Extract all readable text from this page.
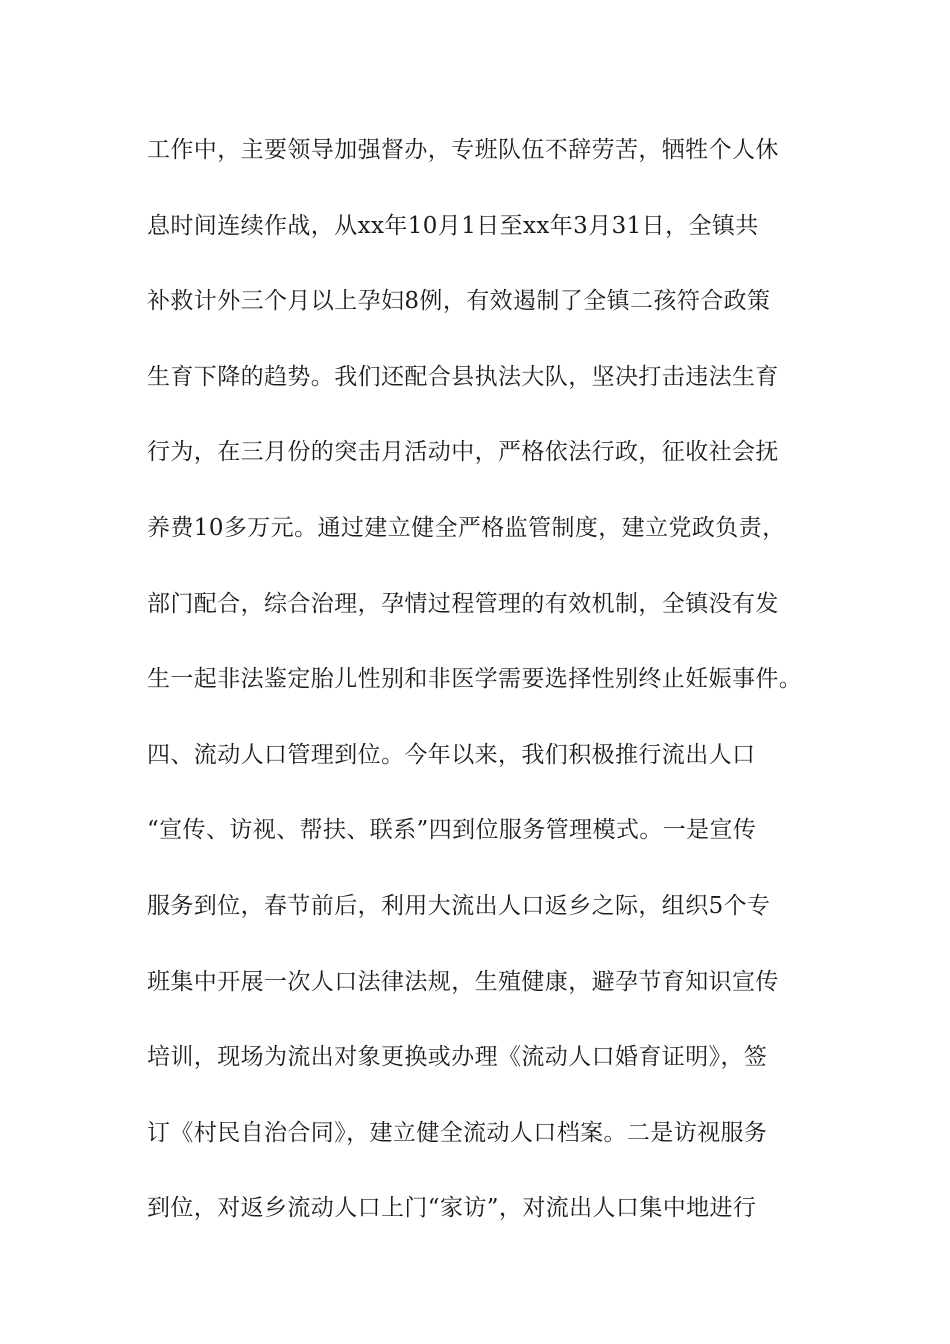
工作中，主要领导加强督办，专班队伍不辞劳苦，牺牲个人休
息时间连续作战，从xx年10月1日至xx年3月31日，全镇共
补救计外三个月以上孕妇8例，有效遏制了全镇二孩符合政策
生育下降的趋势。我们还配合县执法大队，坚决打击违法生育
行为，在三月份的突击月活动中，严格依法行政，征收社会抚
养费10多万元。通过建立健全严格监管制度，建立党政负责，
部门配合，综合治理，孕情过程管理的有效机制，全镇没有发
生一起非法鉴定胎儿性别和非医学需要选择性别终止妊娠事件。
四、流动人口管理到位。今年以来，我们积极推行流出人口
“宣传、访视、帮扶、联系”四到位服务管理模式。一是宣传
服务到位，春节前后，利用大流出人口返乡之际，组织5个专
班集中开展一次人口法律法规，生殖健康，避孕节育知识宣传
培训，现场为流出对象更换或办理《流动人口婚育证明》，签
订《村民自治合同》，建立健全流动人口档案。二是访视服务
到位，对返乡流动人口上门“家访”，对流出人口集中地进行
